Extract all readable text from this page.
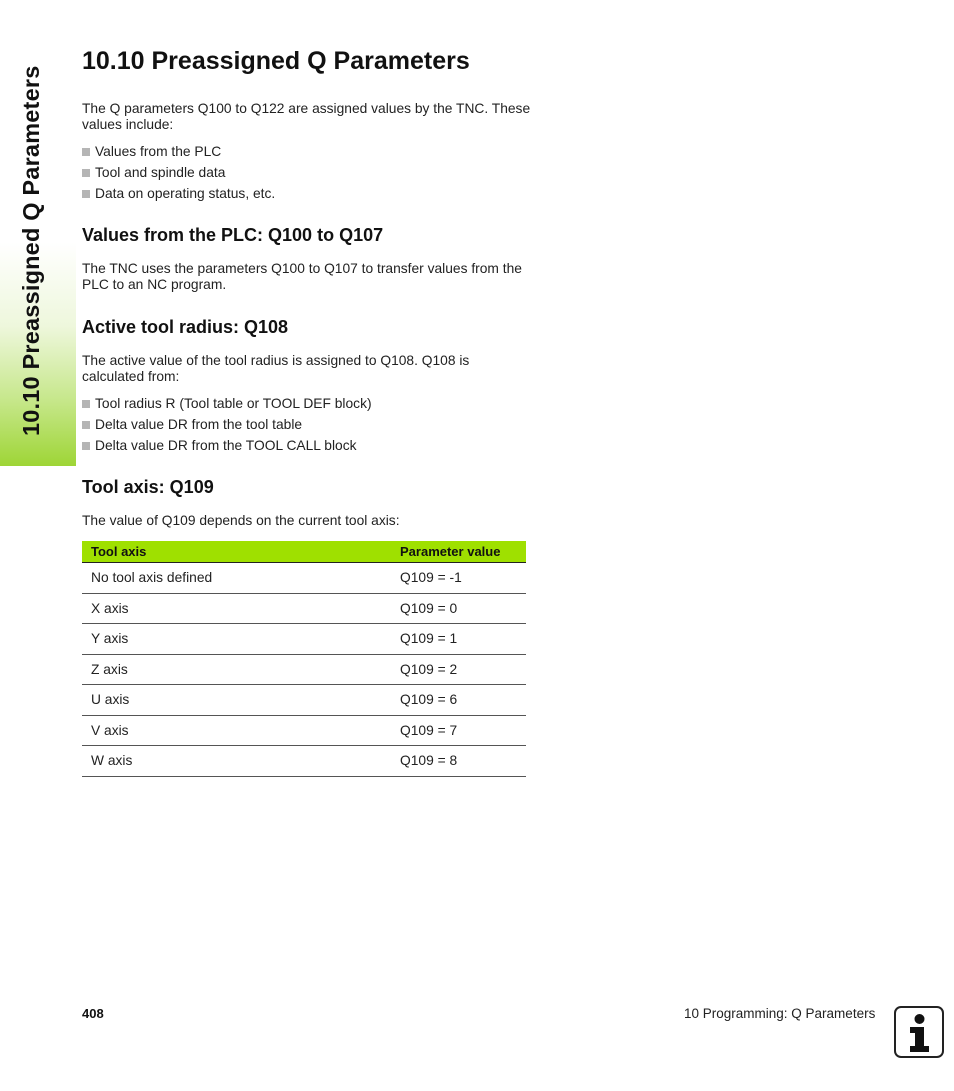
10.10 Preassigned Q Parameters
10.10 Preassigned Q Parameters

The Q parameters Q100 to Q122 are assigned values by the TNC. These values include:

Values from the PLC
Tool and spindle data
Data on operating status, etc.
Values from the PLC: Q100 to Q107

The TNC uses the parameters Q100 to Q107 to transfer values from the PLC to an NC program.

Active tool radius: Q108

The active value of the tool radius is assigned to Q108. Q108 is calculated from:

Tool radius R (Tool table or TOOL DEF block)
Delta value DR from the tool table
Delta value DR from the TOOL CALL block
Tool axis: Q109

The value of Q109 depends on the current tool axis:

Tool axis	Parameter value
No tool axis defined	Q109 = -1
X axis	Q109 = 0
Y axis	Q109 = 1
Z axis	Q109 = 2
U axis	Q109 = 6
V axis	Q109 = 7
W axis	Q109 = 8
408	10 Programming: Q Parameters
